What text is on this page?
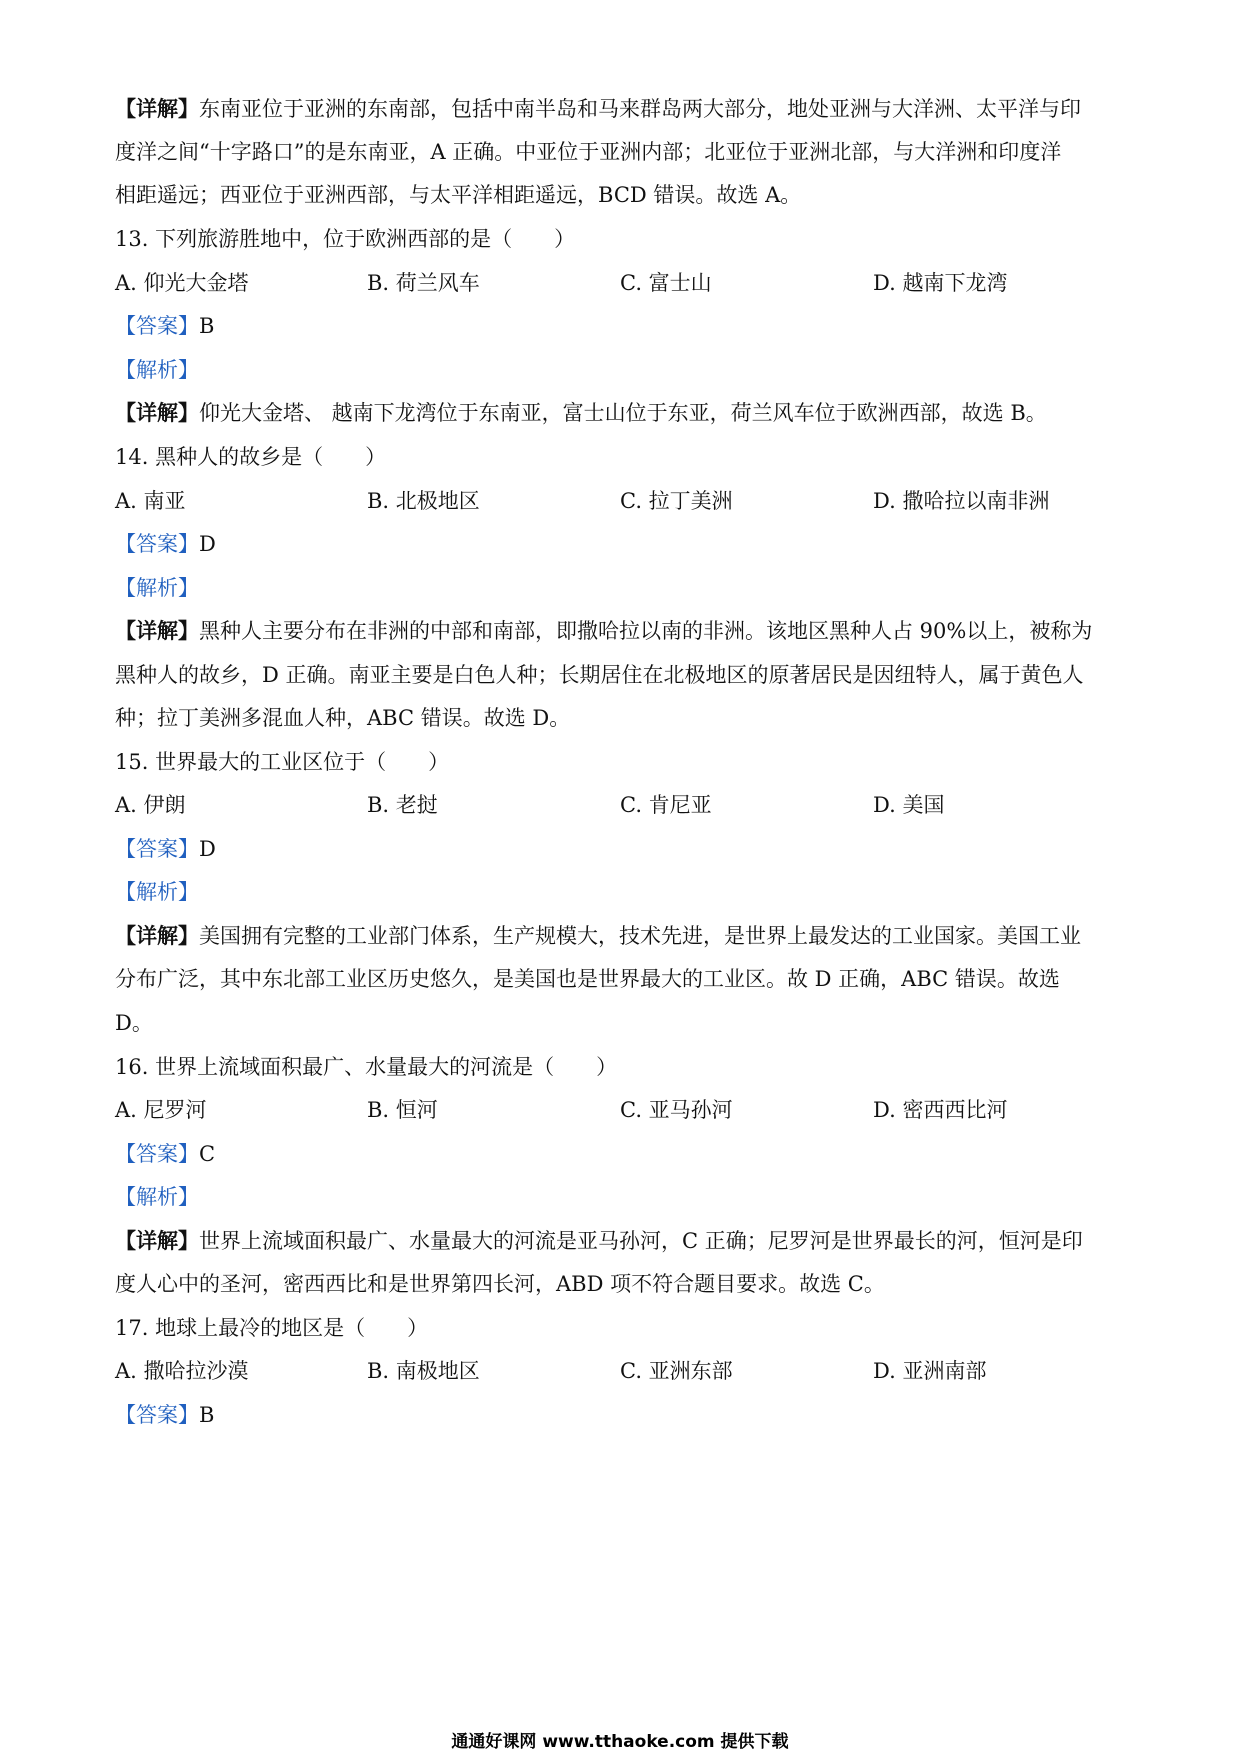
【详解】东南亚位于亚洲的东南部，包括中南半岛和马来群岛两大部分，地处亚洲与大洋洲、太平洋与印
度洋之间“十字路口”的是东南亚，A 正确。中亚位于亚洲内部；北亚位于亚洲北部，与大洋洲和印度洋
相距遥远；西亚位于亚洲西部，与太平洋相距遥远，BCD 错误。故选 A。
13. 下列旅游胜地中，位于欧洲西部的是（　　）
A. 仰光大金塔	B. 荷兰风车	C. 富士山	D. 越南下龙湾
【答案】B
【解析】
【详解】仰光大金塔、 越南下龙湾位于东南亚，富士山位于东亚，荷兰风车位于欧洲西部，故选 B。
14. 黑种人的故乡是（　　）
A. 南亚	B. 北极地区	C. 拉丁美洲	D. 撒哈拉以南非洲
【答案】D
【解析】
【详解】黑种人主要分布在非洲的中部和南部，即撒哈拉以南的非洲。该地区黑种人占 90%以上，被称为
黑种人的故乡，D 正确。南亚主要是白色人种；长期居住在北极地区的原著居民是因纽特人，属于黄色人
种；拉丁美洲多混血人种，ABC 错误。故选 D。
15. 世界最大的工业区位于（　　）
A. 伊朗	B. 老挝	C. 肯尼亚	D. 美国
【答案】D
【解析】
【详解】美国拥有完整的工业部门体系，生产规模大，技术先进，是世界上最发达的工业国家。美国工业
分布广泛，其中东北部工业区历史悠久，是美国也是世界最大的工业区。故 D 正确，ABC 错误。故选
D。
16. 世界上流域面积最广、水量最大的河流是（　　）
A. 尼罗河	B. 恒河	C. 亚马孙河	D. 密西西比河
【答案】C
【解析】
【详解】世界上流域面积最广、水量最大的河流是亚马孙河，C 正确；尼罗河是世界最长的河，恒河是印
度人心中的圣河，密西西比和是世界第四长河，ABD 项不符合题目要求。故选 C。
17. 地球上最冷的地区是（　　）
A. 撒哈拉沙漠	B. 南极地区	C. 亚洲东部	D. 亚洲南部
【答案】B
通通好课网 www.tthaoke.com 提供下载
